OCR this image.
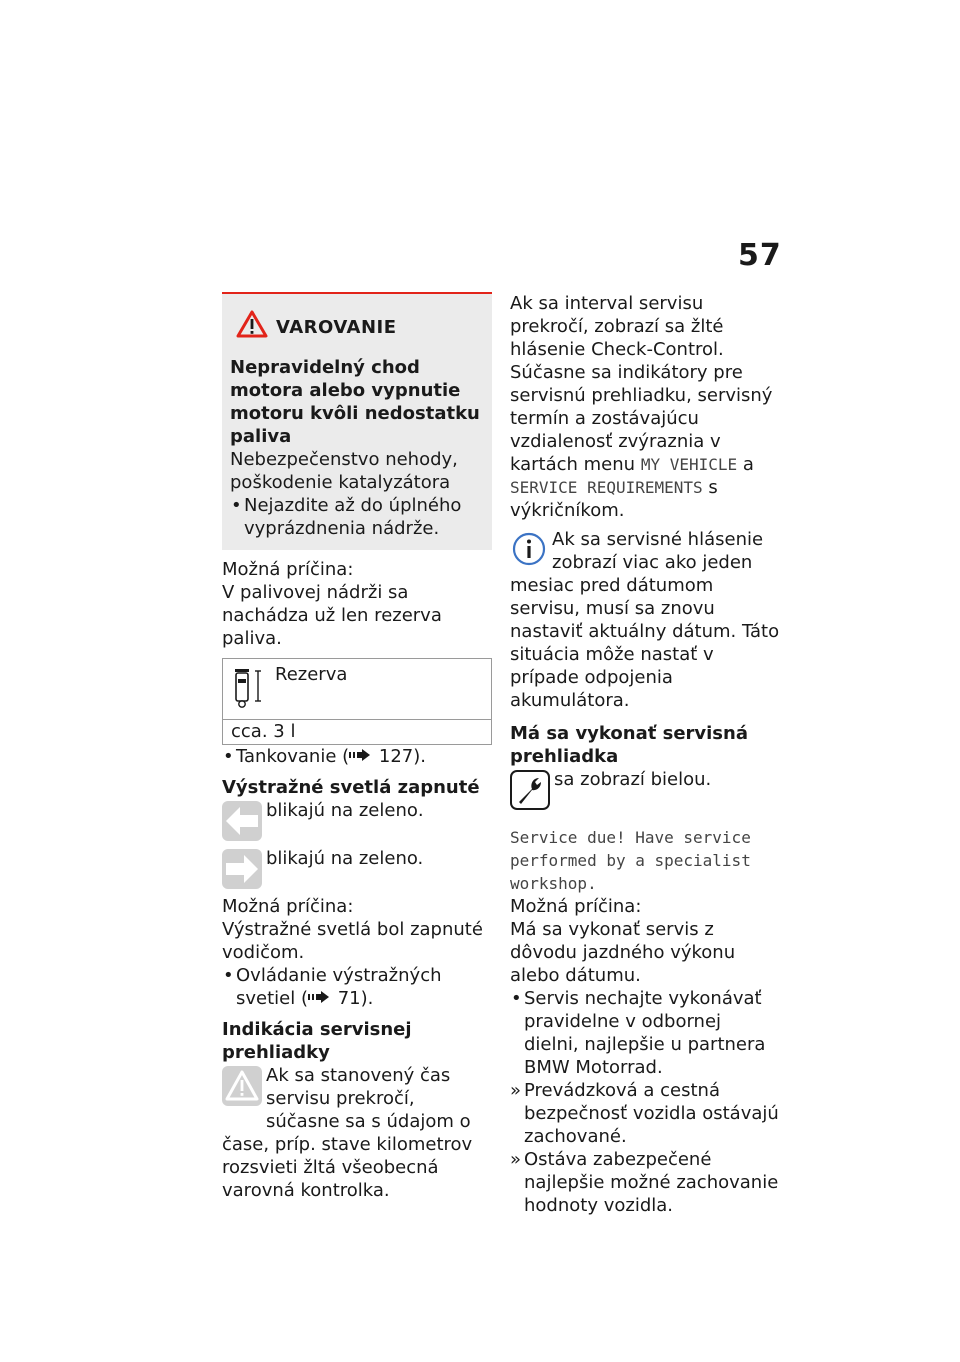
57
VAROVANIE

Nepravidelný chod motora alebo vypnutie motoru kvôli nedostatku paliva

Nebezpečenstvo nehody, poškodenie katalyzátora

• Nejazdite až do úplného vyprázdnenia nádrže.

Možná príčina:

V palivovej nádrži sa nachádza už len rezerva paliva.

Rezerva
cca. 3 l

• Tankovanie ( 127).

Výstražné svetlá zapnuté

blikajú na zelenо.

blikajú na zeleno.

Možná príčina:

Výstražné svetlá bol zapnuté vodičom.

• Ovládanie výstražných svetiel ( 71).

Indikácia servisnej prehliadky

Ak sa stanovený čas servisu prekročí, súčasne sa s údajom o čase, príp. stave kilometrov rozsvieti žltá všeobecná varovná kontrolka.

Ak sa interval servisu prekročí, zobrazí sa žlté hlásenie Check-Control. Súčasne sa indikátory pre servisnú prehliadku, servisný termín a zostávajúcu vzdialenosť zvýraznia v kartách menu MY VEHICLE a SERVICE REQUIREMENTS s výkričníkom.

Ak sa servisné hlásenie zobrazí viac ako jeden mesiac pred dátumom servisu, musí sa znovu nastaviť aktuálny dátum. Táto situácia môže nastať v prípade odpojenia akumulátora.

Má sa vykonať servisná prehliadka

sa zobrazí bielou.

Service due! Have service performed by a specialist workshop.

Možná príčina:

Má sa vykonať servis z dôvodu jazdného výkonu alebo dátumu.

• Servis nechajte vykonávať pravidelne v odbornej dielni, najlepšie u partnera BMW Motorrad.

» Prevádzková a cestná bezpečnosť vozidla ostávajú zachované.

» Ostáva zabezpečené najlepšie možné zachovanie hodnoty vozidla.
